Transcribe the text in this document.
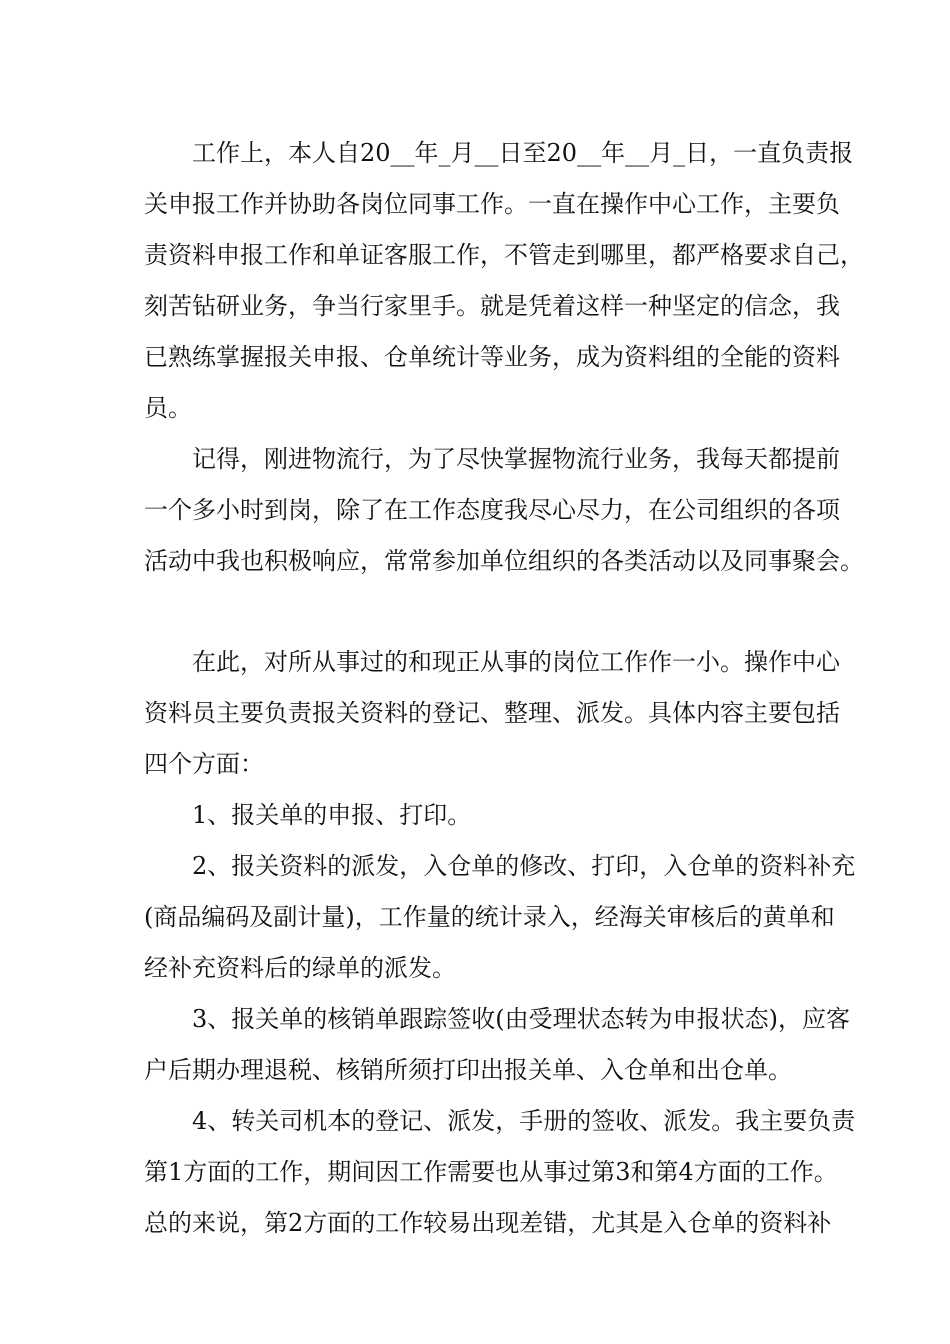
工作上，本人自20__年_月__日至20__年__月_日，一直负责报
关申报工作并协助各岗位同事工作。一直在操作中心工作，主要负
责资料申报工作和单证客服工作，不管走到哪里，都严格要求自己，
刻苦钻研业务，争当行家里手。就是凭着这样一种坚定的信念，我
已熟练掌握报关申报、仓单统计等业务，成为资料组的全能的资料
员。
记得，刚进物流行，为了尽快掌握物流行业务，我每天都提前
一个多小时到岗，除了在工作态度我尽心尽力，在公司组织的各项
活动中我也积极响应，常常参加单位组织的各类活动以及同事聚会。
在此，对所从事过的和现正从事的岗位工作作一小。操作中心
资料员主要负责报关资料的登记、整理、派发。具体内容主要包括
四个方面：
1、报关单的申报、打印。
2、报关资料的派发，入仓单的修改、打印，入仓单的资料补充
(商品编码及副计量)，工作量的统计录入，经海关审核后的黄单和
经补充资料后的绿单的派发。
3、报关单的核销单跟踪签收(由受理状态转为申报状态)，应客
户后期办理退税、核销所须打印出报关单、入仓单和出仓单。
4、转关司机本的登记、派发，手册的签收、派发。我主要负责
第1方面的工作，期间因工作需要也从事过第3和第4方面的工作。
总的来说，第2方面的工作较易出现差错，尤其是入仓单的资料补
